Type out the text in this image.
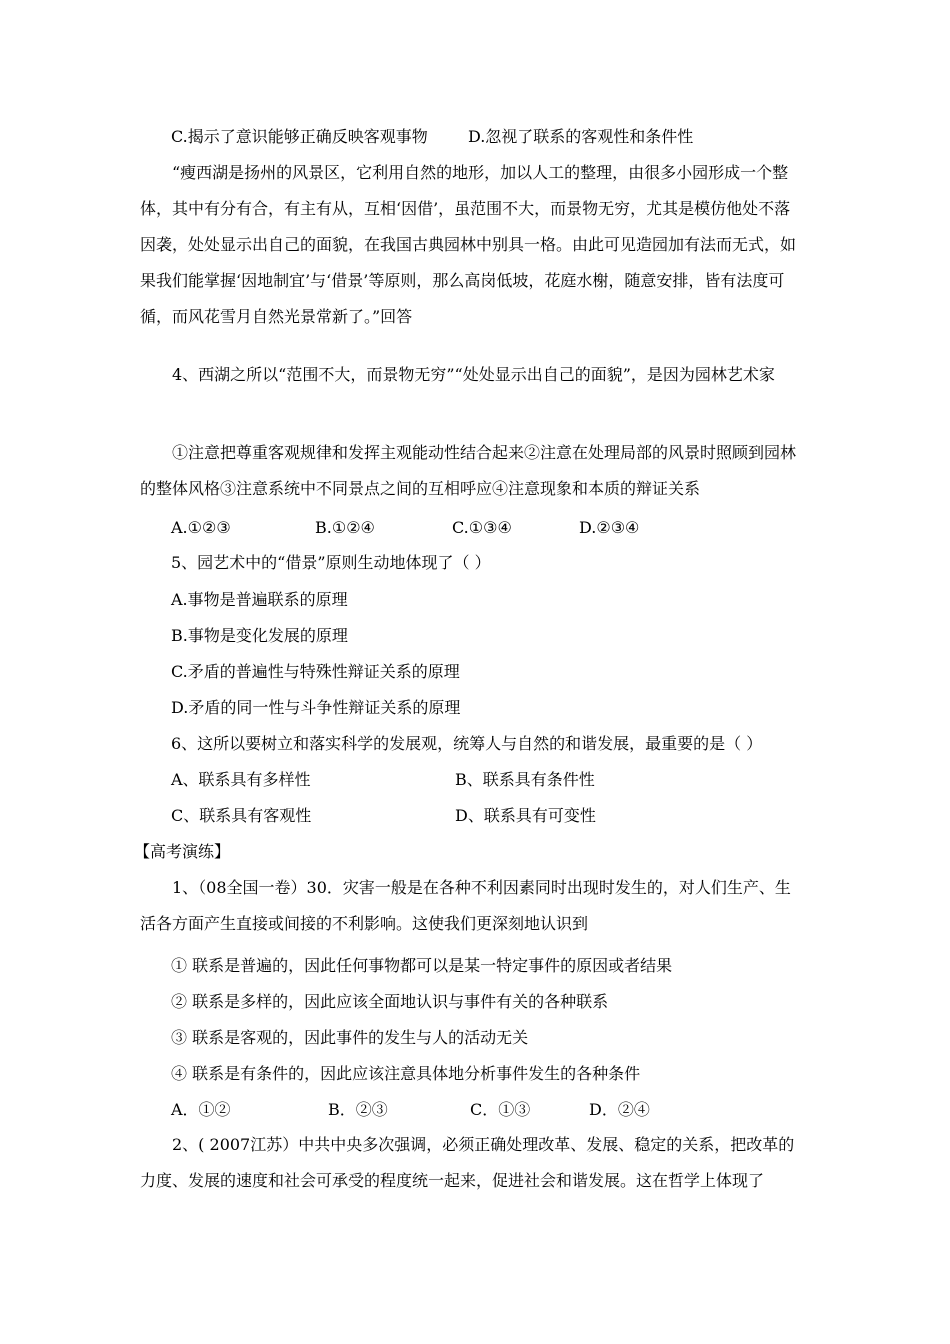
C.揭示了意识能够正确反映客观事物	D.忽视了联系的客观性和条件性
“瘦西湖是扬州的风景区，它利用自然的地形，加以人工的整理，由很多小园形成一个整体，其中有分有合，有主有从，互相‘因借’，虽范围不大，而景物无穷，尤其是模仿他处不落因袭，处处显示出自己的面貌，在我国古典园林中别具一格。由此可见造园加有法而无式，如果我们能掌握‘因地制宜’与‘借景’等原则，那么高岗低坡，花庭水榭，随意安排，皆有法度可循，而风花雪月自然光景常新了。”回答
4、西湖之所以“范围不大，而景物无穷”“处处显示出自己的面貌”，是因为园林艺术家
①注意把尊重客观规律和发挥主观能动性结合起来②注意在处理局部的风景时照顾到园林的整体风格③注意系统中不同景点之间的互相呼应④注意现象和本质的辩证关系
A.①②③	B.①②④	C.①③④	D.②③④
5、园艺术中的“借景”原则生动地体现了（ ）
A.事物是普遍联系的原理
B.事物是变化发展的原理
C.矛盾的普遍性与特殊性辩证关系的原理
D.矛盾的同一性与斗争性辩证关系的原理
6、这所以要树立和落实科学的发展观，统筹人与自然的和谐发展，最重要的是（ ）
A、联系具有多样性	B、联系具有条件性
C、联系具有客观性	D、联系具有可变性
【高考演练】
1、（08全国一卷）30．灾害一般是在各种不利因素同时出现时发生的，对人们生产、生活各方面产生直接或间接的不利影响。这使我们更深刻地认识到
① 联系是普遍的，因此任何事物都可以是某一特定事件的原因或者结果
② 联系是多样的，因此应该全面地认识与事件有关的各种联系
③ 联系是客观的，因此事件的发生与人的活动无关
④ 联系是有条件的，因此应该注意具体地分析事件发生的各种条件
A．①②	B．②③	C．①③	D．②④
2、( 2007江苏）中共中央多次强调，必须正确处理改革、发展、稳定的关系，把改革的力度、发展的速度和社会可承受的程度统一起来，促进社会和谐发展。这在哲学上体现了
